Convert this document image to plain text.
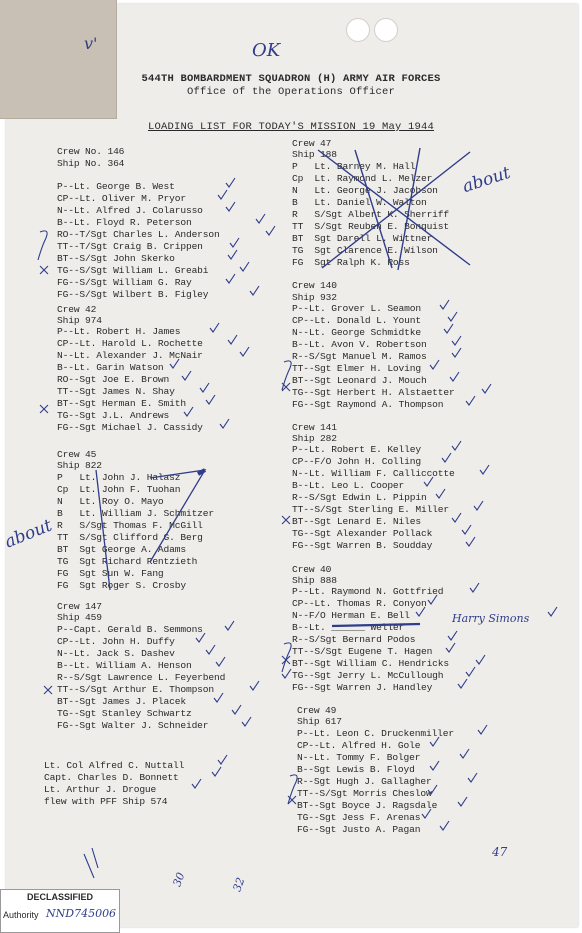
v'	OK
544TH BOMBARDMENT SQUADRON (H) ARMY AIR FORCES
Office of the Operations Officer
LOADING LIST FOR TODAY'S MISSION 19 May 1944
Crew No. 146
Ship No. 364
P--Lt. George B. West
CP--Lt. Oliver M. Pryor
N--Lt. Alfred J. Colarusso
B--Lt. Floyd R. Peterson
RO--T/Sgt Charles L. Anderson
TT--T/Sgt Craig B. Crippen
BT--S/Sgt John Skerko
TG--S/Sgt William L. Greabi
FG--S/Sgt William G. Ray
FG--S/Sgt Wilbert B. Figley
Crew 42
Ship 974
P--Lt. Robert H. James
CP--Lt. Harold L. Rochette
N--Lt. Alexander J. McNair
B--Lt. Garin Watson
RO--Sgt Joe E. Brown
TT--Sgt James N. Shay
BT--Sgt Herman E. Smith
TG--Sgt J.L. Andrews
FG--Sgt Michael J. Cassidy
Crew 45
Ship 822
P   Lt. John J. Halasz
Cp  Lt. John F. Tuohan
N   Lt. Roy O. Mayo
B   Lt. William J. Schmitzer
R   S/Sgt Thomas F. McGill
TT  S/Sgt Clifford G. Berg
BT  Sgt George A. Adams
TG  Sgt Richard Rentzieth
FG  Sgt Sun W. Fang
FG  Sgt Roger S. Crosby
Crew 147
Ship 459
P--Capt. Gerald B. Semmons
CP--Lt. John H. Duffy
N--Lt. Jack S. Dashev
B--Lt. William A. Henson
R--S/Sgt Lawrence L. Feyerbend
TT--S/Sgt Arthur E. Thompson
BT--Sgt James J. Placek
TG--Sgt Stanley Schwartz
FG--Sgt Walter J. Schneider
Lt. Col Alfred C. Nuttall
Capt. Charles D. Bonnett
Lt. Arthur J. Drogue
flew with PFF Ship 574
Crew 47
Ship 188
P   Lt. Barney M. Hall
Cp  Lt. Raymond L. Melzer
N   Lt. George J. Jacobson
B   Lt. Daniel W. Walton
R   S/Sgt Albert K. Sherriff
TT  S/Sgt Reuben E. Bonquist
BT  Sgt Darell L. Wittner
TG  Sgt Clarence E. Wilson
FG  Sgt Ralph K. Ross
Crew 140
Ship 932
P--Lt. Grover L. Seamon
CP--Lt. Donald L. Yount
N--Lt. George Schmidtke
B--Lt. Avon V. Robertson
R--S/Sgt Manuel M. Ramos
TT--Sgt Elmer H. Loving
BT--Sgt Leonard J. Mouch
TG--Sgt Herbert H. Alstaetter
FG--Sgt Raymond A. Thompson
Crew 141
Ship 282
P--Lt. Robert E. Kelley
CP--F/O John H. Colling
N--Lt. William F. Calliccotte
B--Lt. Leo L. Cooper
R--S/Sgt Edwin L. Pippin
TT--S/Sgt Sterling E. Miller
BT--Sgt Lenard E. Niles
TG--Sgt Alexander Pollack
FG--Sgt Warren B. Soudday
Crew 40
Ship 888
P--Lt. Raymond N. Gottfried
CP--Lt. Thomas R. Conyon
N--F/O Herman E. Bell
B--Lt. ______ Weller
R--S/Sgt Bernard Podos
TT--S/Sgt Eugene T. Hagen
BT--Sgt William C. Hendricks
TG--Sgt Jerry L. McCullough
FG--Sgt Warren J. Handley
Crew 49
Ship 617
P--Lt. Leon C. Druckenmiller
CP--Lt. Alfred H. Gole
N--Lt. Tommy F. Bolger
B--Sgt Lewis B. Floyd
R--Sgt Hugh J. Gallagher
TT--S/Sgt Morris Cheslow
BT--Sgt Boyce J. Ragsdale
TG--Sgt Jess F. Arenas
FG--Sgt Justo A. Pagan
about
about
Harry Simons
47
30	32
DECLASSIFIED
Authority NND745006
